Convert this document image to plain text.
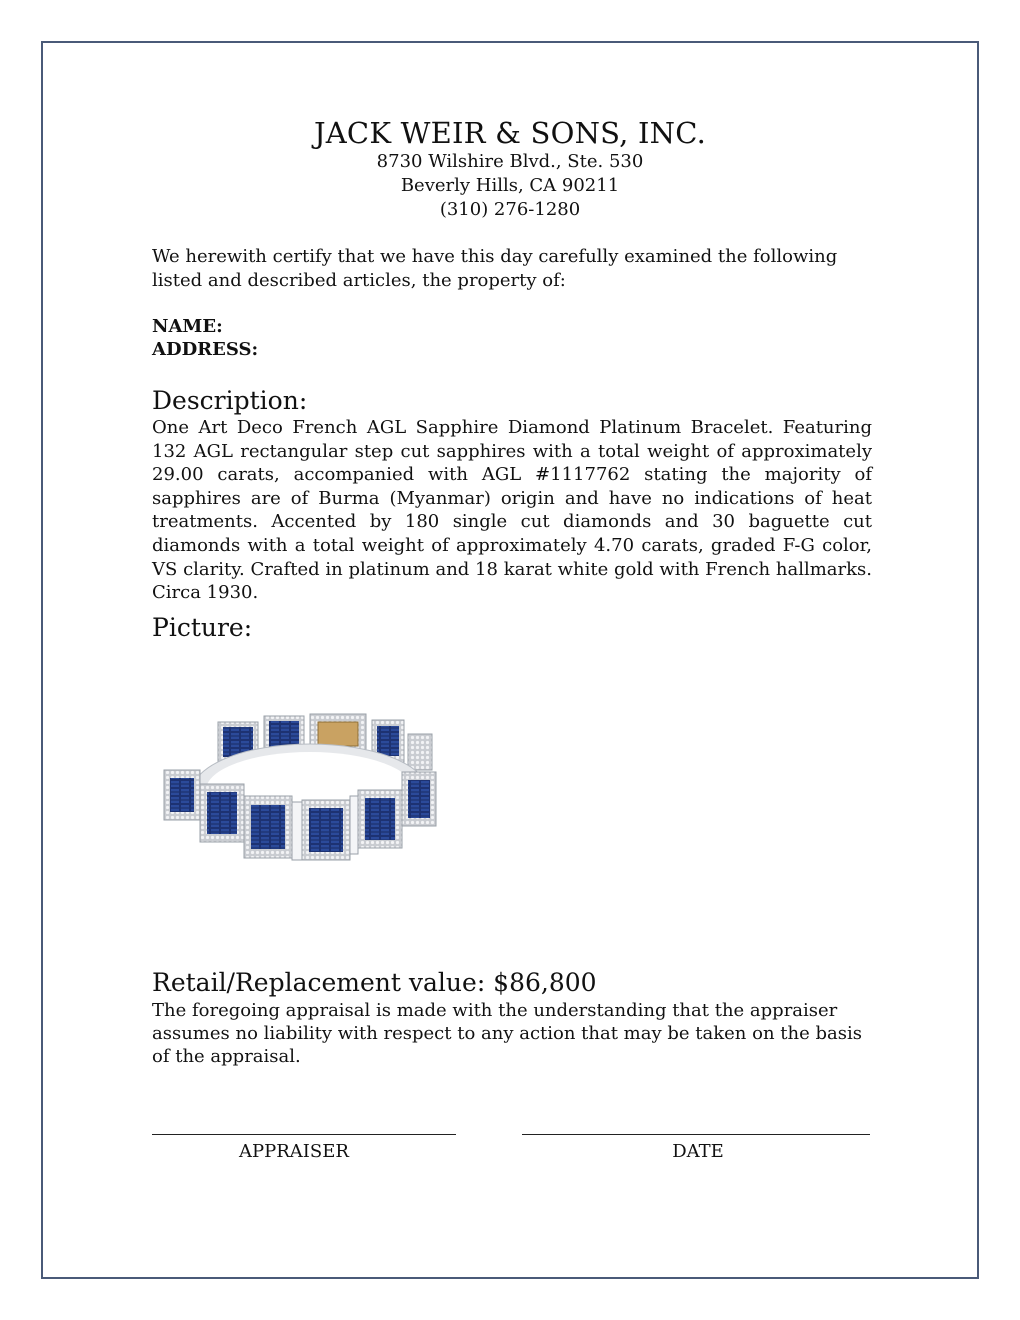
JACK WEIR & SONS, INC.
8730 Wilshire Blvd., Ste. 530
Beverly Hills, CA 90211
(310) 276-1280
We herewith certify that we have this day carefully examined the following listed and described articles, the property of:
NAME:
ADDRESS:
Description:
One Art Deco French AGL Sapphire Diamond Platinum Bracelet. Featuring 132 AGL rectangular step cut sapphires with a total weight of approximately 29.00 carats, accompanied with AGL #1117762 stating the majority of sapphires are of Burma (Myanmar) origin and have no indications of heat treatments. Accented by 180 single cut diamonds and 30 baguette cut diamonds with a total weight of approximately 4.70 carats, graded F-G color, VS clarity. Crafted in platinum and 18 karat white gold with French hallmarks. Circa 1930.
Picture:
Retail/Replacement value: $86,800
The foregoing appraisal is made with the understanding that the appraiser assumes no liability with respect to any action that may be taken on the basis of the appraisal.
APPRAISER	DATE
